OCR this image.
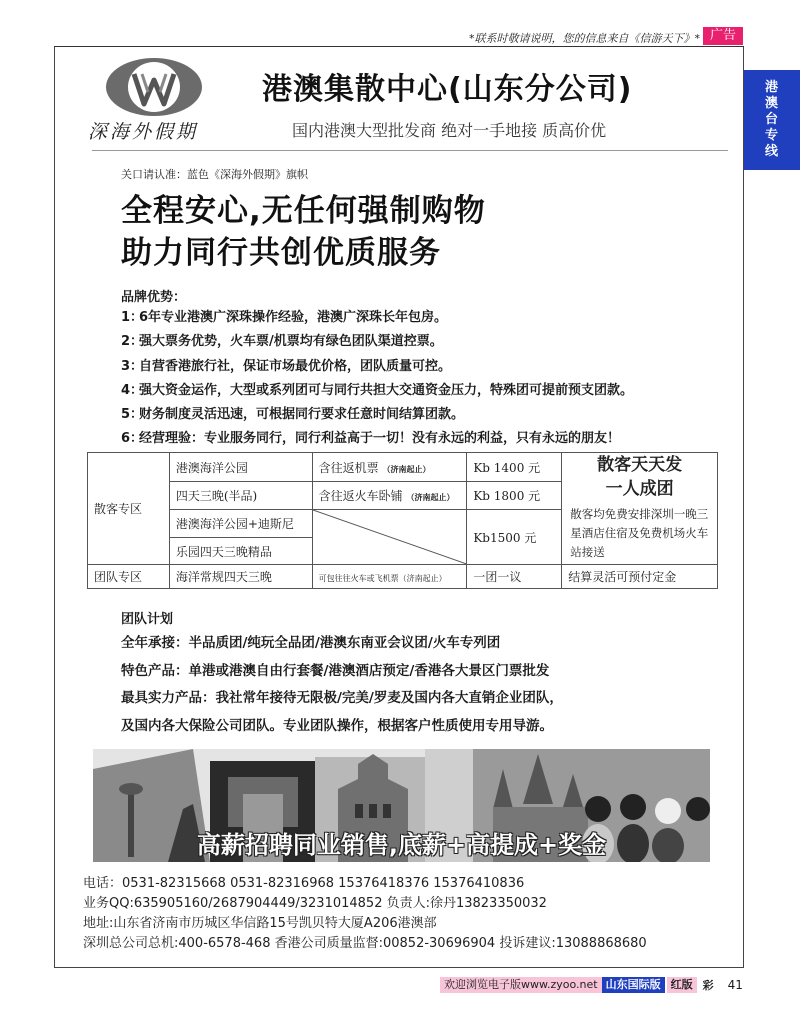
*联系时敬请说明，您的信息来自《信游天下》* 广告
港
澳
台
专
线
深海外假期
港澳集散中心(山东分公司)
国内港澳大型批发商 绝对一手地接 质高价优
关口请认准：蓝色《深海外假期》旗帜
全程安心,无任何强制购物
助力同行共创优质服务
品牌优势：
1：6年专业港澳广深珠操作经验，港澳广深珠长年包房。
2：强大票务优势，火车票/机票均有绿色团队渠道控票。
3：自营香港旅行社，保证市场最优价格，团队质量可控。
4：强大资金运作，大型或系列团可与同行共担大交通资金压力，特殊团可提前预支团款。
5：财务制度灵活迅速，可根据同行要求任意时间结算团款。
6：经营理验：专业服务同行，同行利益高于一切！没有永远的利益，只有永远的朋友！
散客专区	港澳海洋公园	含往返机票 （济南起止）	Kb 1400 元	散客天天发
一人成团
散客均免费安排深圳一晚三星酒店住宿及免费机场火车站接送

	四天三晚(半品)	含往返火车卧铺 （济南起止）	Kb 1800 元	
	港澳海洋公园+迪斯尼		Kb1500 元	
	乐园四天三晚精品			
团队专区	海洋常规四天三晚	可包往往火车或飞机票（济南起止）	一团一议	结算灵活可预付定金
团队计划
全年承接：半品质团/纯玩全品团/港澳东南亚会议团/火车专列团
特色产品：单港或港澳自由行套餐/港澳酒店预定/香港各大景区门票批发
最具实力产品：我社常年接待无限极/完美/罗麦及国内各大直销企业团队，
及国内各大保险公司团队。专业团队操作，根据客户性质使用专用导游。
高薪招聘同业销售,底薪+高提成+奖金
电话：0531-82315668 0531-82316968 15376418376 15376410836
业务QQ:635905160/2687904449/3231014852 负责人:徐丹13823350032
地址:山东省济南市历城区华信路15号凯贝特大厦A206港澳部
深圳总公司总机:400-6578-468 香港公司质量监督:00852-30696904 投诉建议:13088868680
欢迎浏览电子版www.zyoo.net 山东国际版 红版 彩 41
